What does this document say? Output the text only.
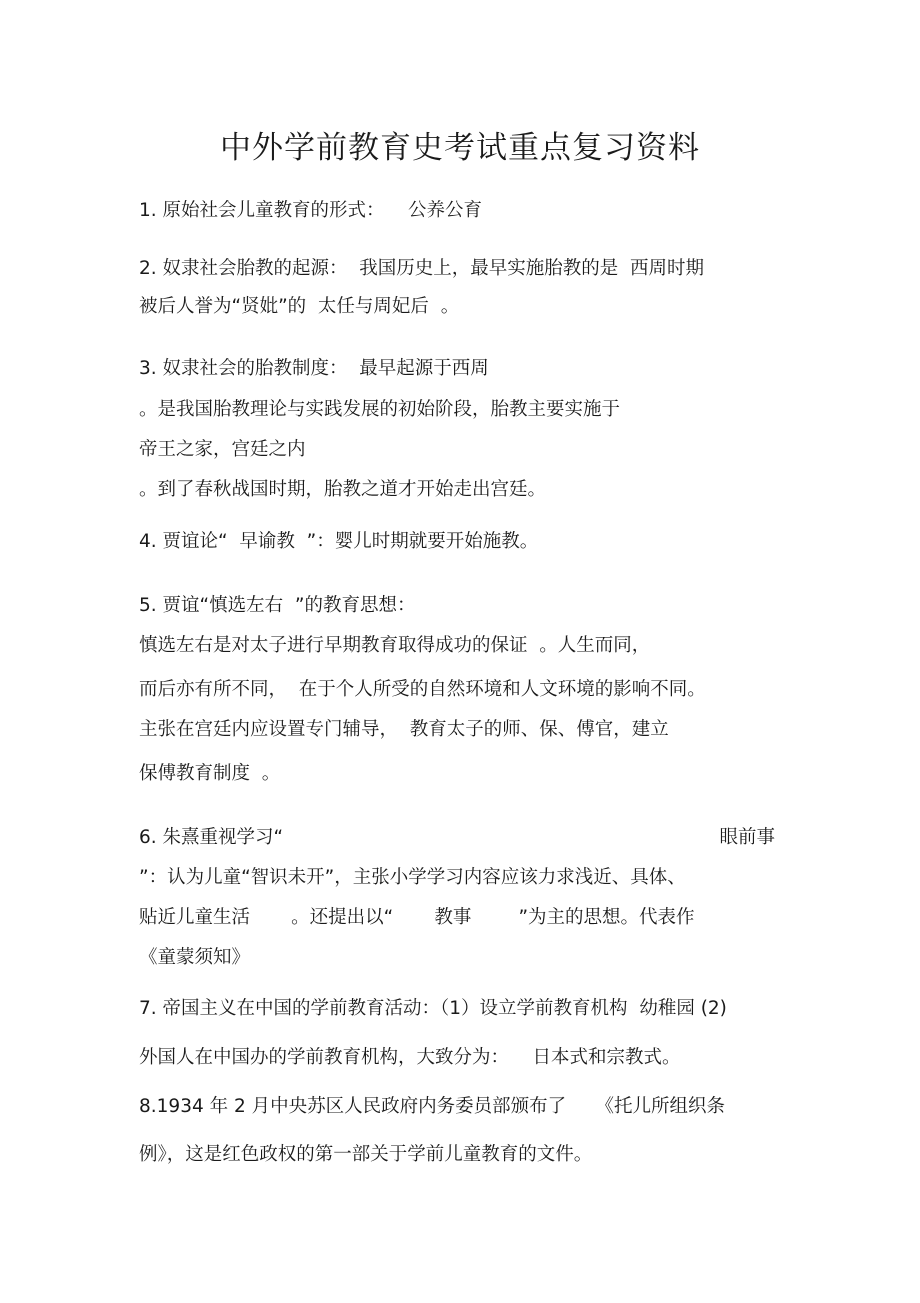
中外学前教育史考试重点复习资料

1. 原始社会儿童教育的形式：    公养公育

2. 奴隶社会胎教的起源：  我国历史上，最早实施胎教的是  西周时期

被后人誉为“贤妣”的  太任与周妃后  。

3. 奴隶社会的胎教制度：  最早起源于西周

。是我国胎教理论与实践发展的初始阶段，胎教主要实施于

帝王之家，宫廷之内

。到了春秋战国时期，胎教之道才开始走出宫廷。

4. 贾谊论“  早谕教  ”：婴儿时期就要开始施教。

5. 贾谊“慎选左右  ”的教育思想：

慎选左右是对太子进行早期教育取得成功的保证  。人生而同，

而后亦有所不同，  在于个人所受的自然环境和人文环境的影响不同。

主张在宫廷内应设置专门辅导，  教育太子的师、保、傅官，建立

保傅教育制度  。

6. 朱熹重视学习“	眼前事

”：认为儿童“智识未开”，主张小学学习内容应该力求浅近、具体、

贴近儿童生活       。还提出以“       教事        ”为主的思想。代表作

《童蒙须知》

7. 帝国主义在中国的学前教育活动：（1）设立学前教育机构  幼稚园 (2)

外国人在中国办的学前教育机构，大致分为：    日本式和宗教式。

8.1934 年 2 月中央苏区人民政府内务委员部颁布了     《托儿所组织条

例》，这是红色政权的第一部关于学前儿童教育的文件。
